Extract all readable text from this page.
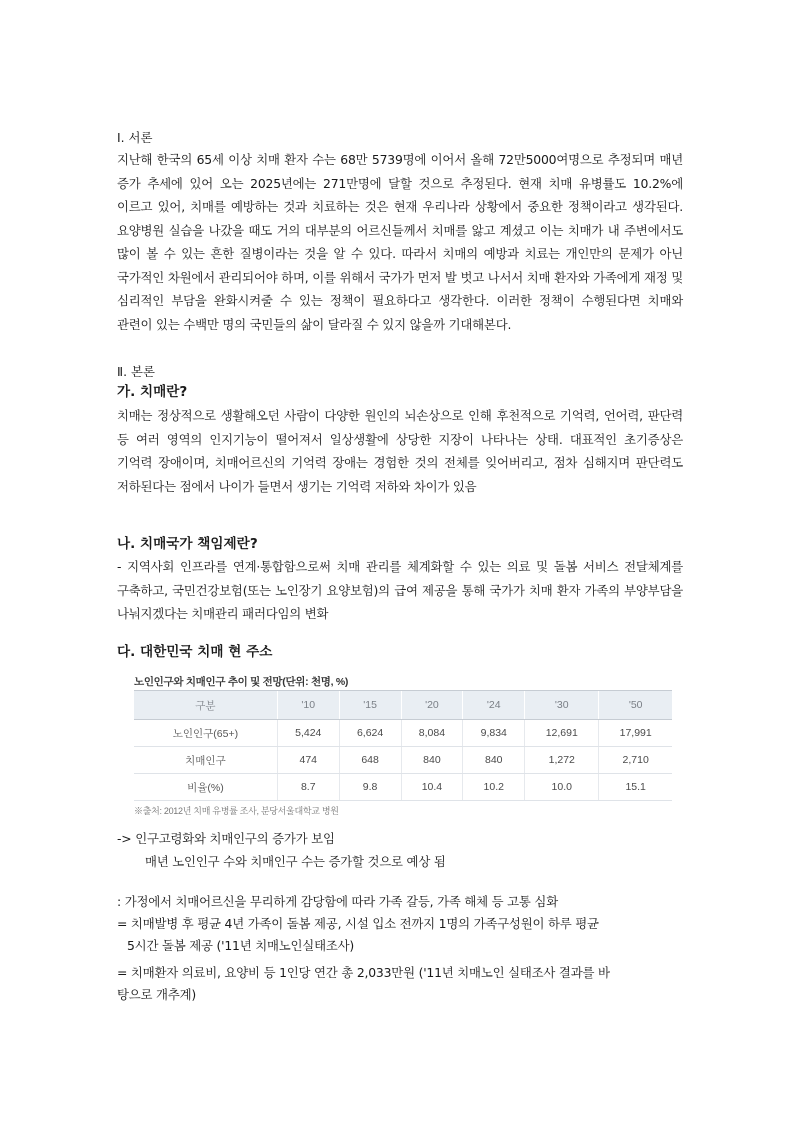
Ⅰ. 서론
지난해 한국의 65세 이상 치매 환자 수는 68만 5739명에 이어서 올해 72만5000여명으로 추정되며 매년 증가 추세에 있어 오는 2025년에는 271만명에 달할 것으로 추정된다. 현재 치매 유병률도 10.2%에 이르고 있어, 치매를 예방하는 것과 치료하는 것은 현재 우리나라 상황에서 중요한 정책이라고 생각된다. 요양병원 실습을 나갔을 때도 거의 대부분의 어르신들께서 치매를 앓고 계셨고 이는 치매가 내 주변에서도 많이 볼 수 있는 흔한 질병이라는 것을 알 수 있다. 따라서 치매의 예방과 치료는 개인만의 문제가 아닌 국가적인 차원에서 관리되어야 하며, 이를 위해서 국가가 먼저 발 벗고 나서서 치매 환자와 가족에게 재정 및 심리적인 부담을 완화시켜줄 수 있는 정책이 필요하다고 생각한다. 이러한 정책이 수행된다면 치매와 관련이 있는 수백만 명의 국민들의 삶이 달라질 수 있지 않을까 기대해본다.
Ⅱ. 본론
가. 치매란?
치매는 정상적으로 생활해오던 사람이 다양한 원인의 뇌손상으로 인해 후천적으로 기억력, 언어력, 판단력 등 여러 영역의 인지기능이 떨어져서 일상생활에 상당한 지장이 나타나는 상태. 대표적인 초기증상은 기억력 장애이며, 치매어르신의 기억력 장애는 경험한 것의 전체를 잊어버리고, 점차 심해지며 판단력도 저하된다는 점에서 나이가 들면서 생기는 기억력 저하와 차이가 있음
나. 치매국가 책임제란?
- 지역사회 인프라를 연계·통합함으로써 치매 관리를 체계화할 수 있는 의료 및 돌봄 서비스 전달체계를 구축하고, 국민건강보험(또는 노인장기 요양보험)의 급여 제공을 통해 국가가 치매 환자 가족의 부양부담을 나눠지겠다는 치매관리 패러다임의 변화
다. 대한민국 치매 현 주소
노인인구와 치매인구 추이 및 전망(단위: 천명, %)
구분	'10	'15	'20	'24	'30	'50
노인인구(65+)	5,424	6,624	8,084	9,834	12,691	17,991
치매인구	474	648	840	840	1,272	2,710
비율(%)	8.7	9.8	10.4	10.2	10.0	15.1
※출처: 2012년 치매 유병률 조사, 분당서울대학교 병원
-> 인구고령화와 치매인구의 증가가 보임
매년 노인인구 수와 치매인구 수는 증가할 것으로 예상 됨
: 가정에서 치매어르신을 무리하게 감당함에 따라 가족 갈등, 가족 해체 등 고통 심화
= 치매발병 후 평균 4년 가족이 돌봄 제공, 시설 입소 전까지 1명의 가족구성원이 하루 평균
5시간 돌봄 제공 ('11년 치매노인실태조사)
= 치매환자 의료비, 요양비 등 1인당 연간 총 2,033만원 ('11년 치매노인 실태조사 결과를 바
탕으로 개추계)
